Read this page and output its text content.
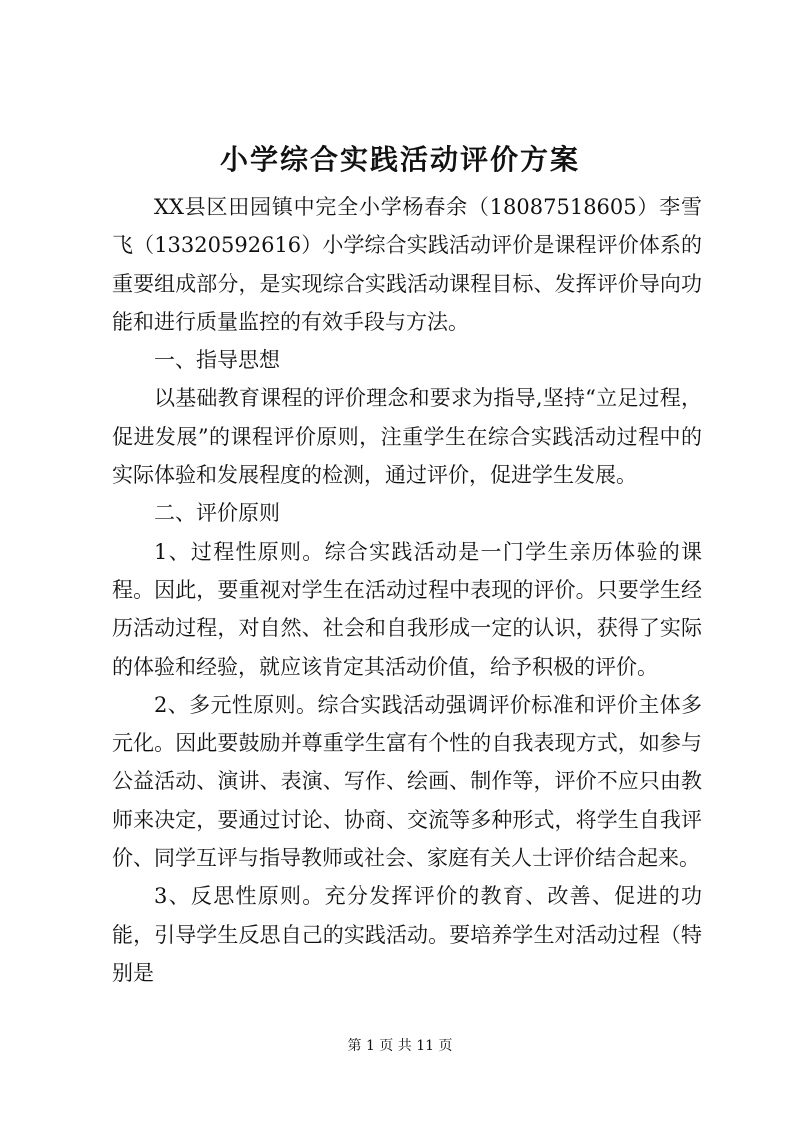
小学综合实践活动评价方案

XX县区田园镇中完全小学杨春余（18087518605）李雪飞（13320592616）小学综合实践活动评价是课程评价体系的重要组成部分，是实现综合实践活动课程目标、发挥评价导向功能和进行质量监控的有效手段与方法。

一、指导思想

以基础教育课程的评价理念和要求为指导,坚持“立足过程，促进发展”的课程评价原则，注重学生在综合实践活动过程中的实际体验和发展程度的检测，通过评价，促进学生发展。

二、评价原则

1、过程性原则。综合实践活动是一门学生亲历体验的课程。因此，要重视对学生在活动过程中表现的评价。只要学生经历活动过程，对自然、社会和自我形成一定的认识，获得了实际的体验和经验，就应该肯定其活动价值，给予积极的评价。

2、多元性原则。综合实践活动强调评价标准和评价主体多元化。因此要鼓励并尊重学生富有个性的自我表现方式，如参与公益活动、演讲、表演、写作、绘画、制作等，评价不应只由教师来决定，要通过讨论、协商、交流等多种形式，将学生自我评价、同学互评与指导教师或社会、家庭有关人士评价结合起来。

3、反思性原则。充分发挥评价的教育、改善、促进的功能，引导学生反思自己的实践活动。要培养学生对活动过程（特别是

第 1 页 共 11 页
